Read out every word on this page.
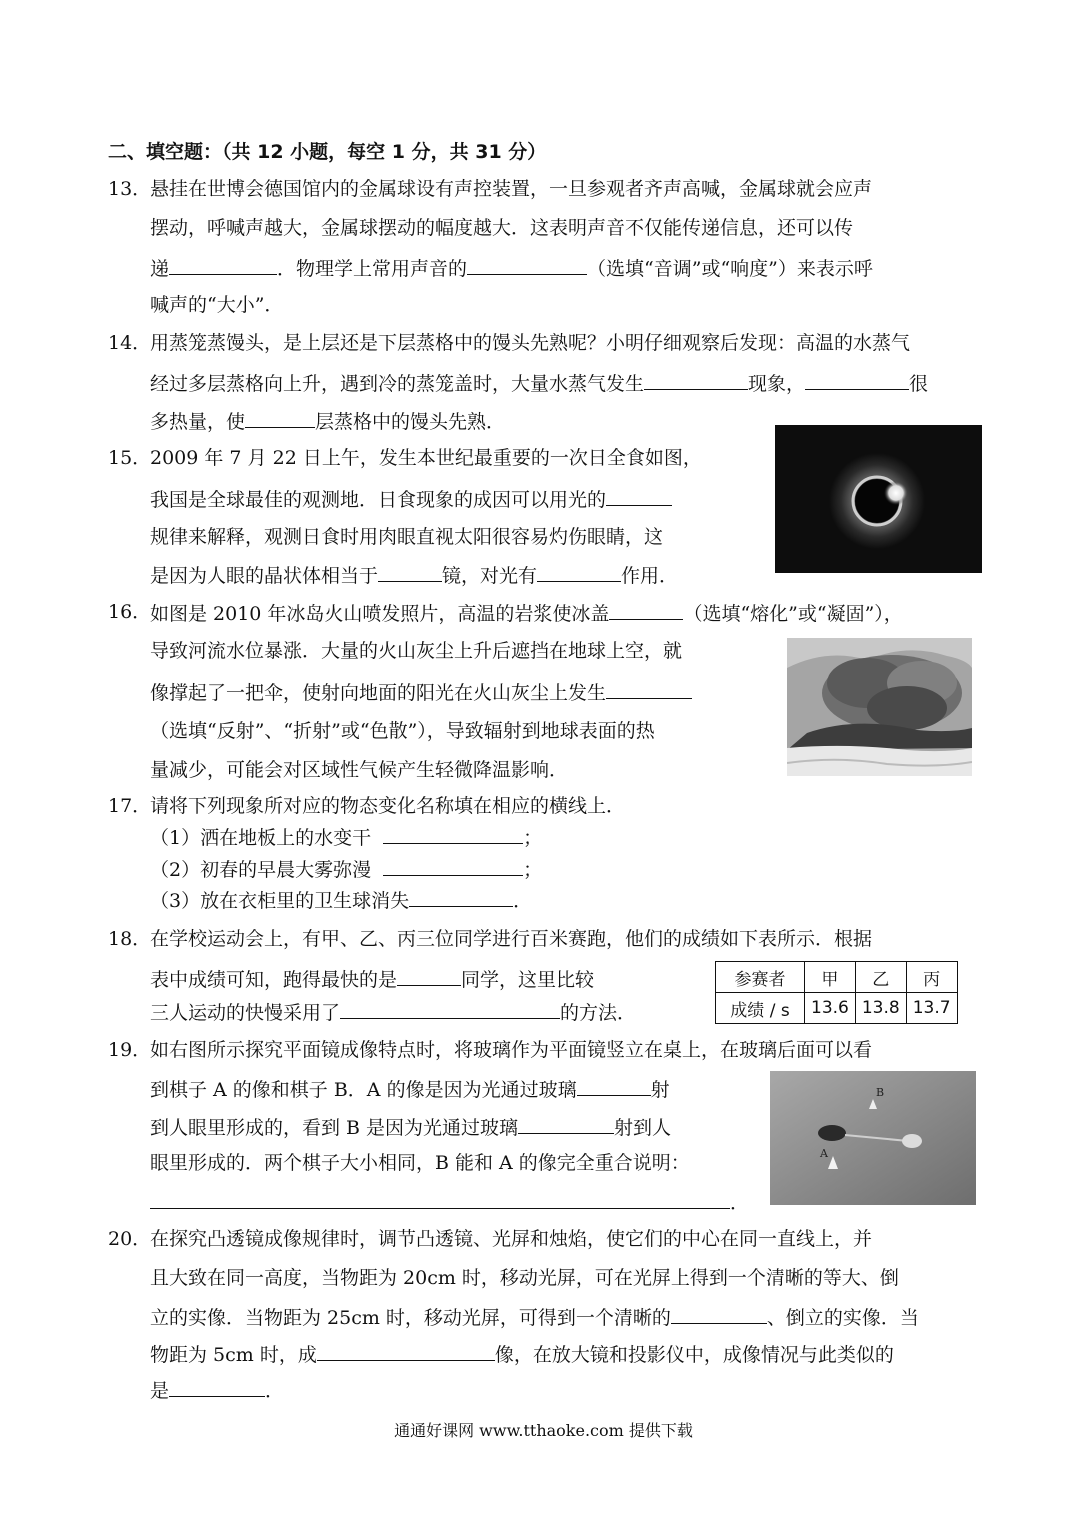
二、填空题：（共 12 小题，每空 1 分，共 31 分）
13．
悬挂在世博会德国馆内的金属球设有声控装置，一旦参观者齐声高喊，金属球就会应声
摆动，呼喊声越大，金属球摆动的幅度越大．这表明声音不仅能传递信息，还可以传
递	．物理学上常用声音的	（选填“音调”或“响度”）来表示呼
喊声的“大小”．
14．
用蒸笼蒸馒头，是上层还是下层蒸格中的馒头先熟呢？小明仔细观察后发现：高温的水蒸气
经过多层蒸格向上升，遇到冷的蒸笼盖时，大量水蒸气发生	现象，	很
多热量，使	层蒸格中的馒头先熟．
15．
2009 年 7 月 22 日上午，发生本世纪最重要的一次日全食如图，
我国是全球最佳的观测地．日食现象的成因可以用光的
规律来解释，观测日食时用肉眼直视太阳很容易灼伤眼睛，这
是因为人眼的晶状体相当于	镜，对光有	作用．
16．
如图是 2010 年冰岛火山喷发照片，高温的岩浆使冰盖	（选填“熔化”或“凝固”），
导致河流水位暴涨．大量的火山灰尘上升后遮挡在地球上空，就
像撑起了一把伞，使射向地面的阳光在火山灰尘上发生
（选填“反射”、“折射”或“色散”），导致辐射到地球表面的热
量减少，可能会对区域性气候产生轻微降温影响．
17．
请将下列现象所对应的物态变化名称填在相应的横线上．
（1）洒在地板上的水变干	；
（2）初春的早晨大雾弥漫	；
（3）放在衣柜里的卫生球消失	．
18．
在学校运动会上，有甲、乙、丙三位同学进行百米赛跑，他们的成绩如下表所示．根据
表中成绩可知，跑得最快的是	同学，这里比较
三人运动的快慢采用了	的方法．
参赛者	甲	乙	丙
成绩 / s	13.6	13.8	13.7
19．
如右图所示探究平面镜成像特点时，将玻璃作为平面镜竖立在桌上，在玻璃后面可以看
到棋子 A 的像和棋子 B．A 的像是因为光通过玻璃	射
到人眼里形成的，看到 B 是因为光通过玻璃	射到人
眼里形成的．两个棋子大小相同，B 能和 A 的像完全重合说明：
．
B
A
20．
在探究凸透镜成像规律时，调节凸透镜、光屏和烛焰，使它们的中心在同一直线上，并
且大致在同一高度，当物距为 20cm 时，移动光屏，可在光屏上得到一个清晰的等大、倒
立的实像．当物距为 25cm 时，移动光屏，可得到一个清晰的	、倒立的实像．当
物距为 5cm 时，成	像，在放大镜和投影仪中，成像情况与此类似的
是	．
通通好课网 www.tthaoke.com 提供下载
